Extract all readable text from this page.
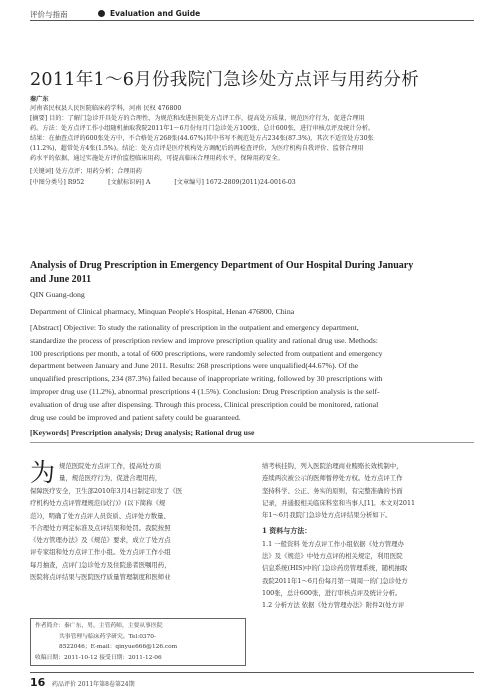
评价与指南	Evaluation and Guide
2011年1～6月份我院门急诊处方点评与用药分析

秦广东

河南省民权县人民医院临床药学科，河南 民权 476800

[摘要] 目的：了解门急诊开具处方的合理性，为规范和改进医院处方点评工作，提高处方质量，规范医疗行为，促进合理用

药。方法：处方点评工作小组随机抽取我院2011年1～6月份每月门急诊处方100张，总计600张，进行审核点评及统计分析。

结果：在抽查点评的600张处方中，不合格处方268张(44.67%)其中书写不规范处方占234张(87.3%)，其次不适宜处方30张

(11.2%)，超常处方4张(1.5%)。结论：处方点评是医疗机构处方调配后的再检查评价，为医疗机构自我评价、监督合理用

药水平的依据，通过实施处方评价监控临床用药，可提高临床合理用药水平，保障用药安全。

[关键词] 处方点评；用药分析；合理用药

[中图分类号] R952	[文献标识码] A	[文章编号] 1672-2809(2011)24-0016-03
Analysis of Drug Prescription in Emergency Department of Our Hospital During January
and June 2011

QIN Guang-dong

Department of Clinical pharmacy, Minquan People's Hospital, Henan 476800, China

[Abstract] Objective: To study the rationality of prescription in the outpatient and emergency department,

standardize the process of prescription review and improve prescription quality and rational drug use. Methods:

100 prescriptions per month, a total of 600 prescriptions, were randomly selected from outpatient and emergency

department between January and June 2011. Results: 268 prescriptions were unqualified(44.67%). Of the

unqualified prescriptions, 234 (87.3%) failed because of inappropriate writing, followed by 30 prescriptions with

improper drug use (11.2%), abnormal prescriptions 4 (1.5%). Conclusion: Drug Prescription analysis is the self-

evaluation of drug use after dispensing. Through this process, Clinical prescription could be monitored, rational

drug use could be improved and patient safety could be guaranteed.

[Keywords] Prescription analysis; Drug analysis; Rational drug use

为 规范医院处方点评工作，提高处方质

量，规范医疗行为，促进合理用药，

保障医疗安全，卫生部2010年3月4日制定印发了《医

疗机构处方点评管理规范(试行)》(以下简称《规

范》)，明确了处方点评人员资质、点评处方数量、

不合理处方判定标准及点评结果和处罚。我院按照

《处方管理办法》及《规范》要求，成立了处方点

评专家组和处方点评工作小组。处方点评工作小组

每月抽查，点评门急诊处方及住院患者医嘱用药，

医院将点评结果与医院医疗质量管理制度和医师业

绩考核挂钩，列入医院治理商业贿赂长效机制中，

连续两次被公示的医师暂停处方权。处方点评工作

坚持科学、公正、务实的原则，有完整准确的书面

记录，并通报相关临床科室和当事人[1]。本文对2011

年1～6月我院门急诊处方点评结果分析如下。

1 资料与方法：

1.1 一般资料 处方点评工作小组依据《处方管理办

法》及《规范》中处方点评的相关规定，利用医院

信息系统(HIS)中的门急诊药房管理系统，随机抽取

我院2011年1～6月份每月第一周周一的门急诊处方

100张，总计600张，进行审核点评及统计分析。

1.2 分析方法 依据《处方管理办法》附件2(处方评

作者简介：秦广东，男，主管药师，主要从事医院

共事管理与临床药学研究。Tel:0370-

8522046；E-mail：qinyue666@126.com

收稿日期：2011-10-12 接受日期：2011-12-06

16 药品评价 2011年第8卷第24期
